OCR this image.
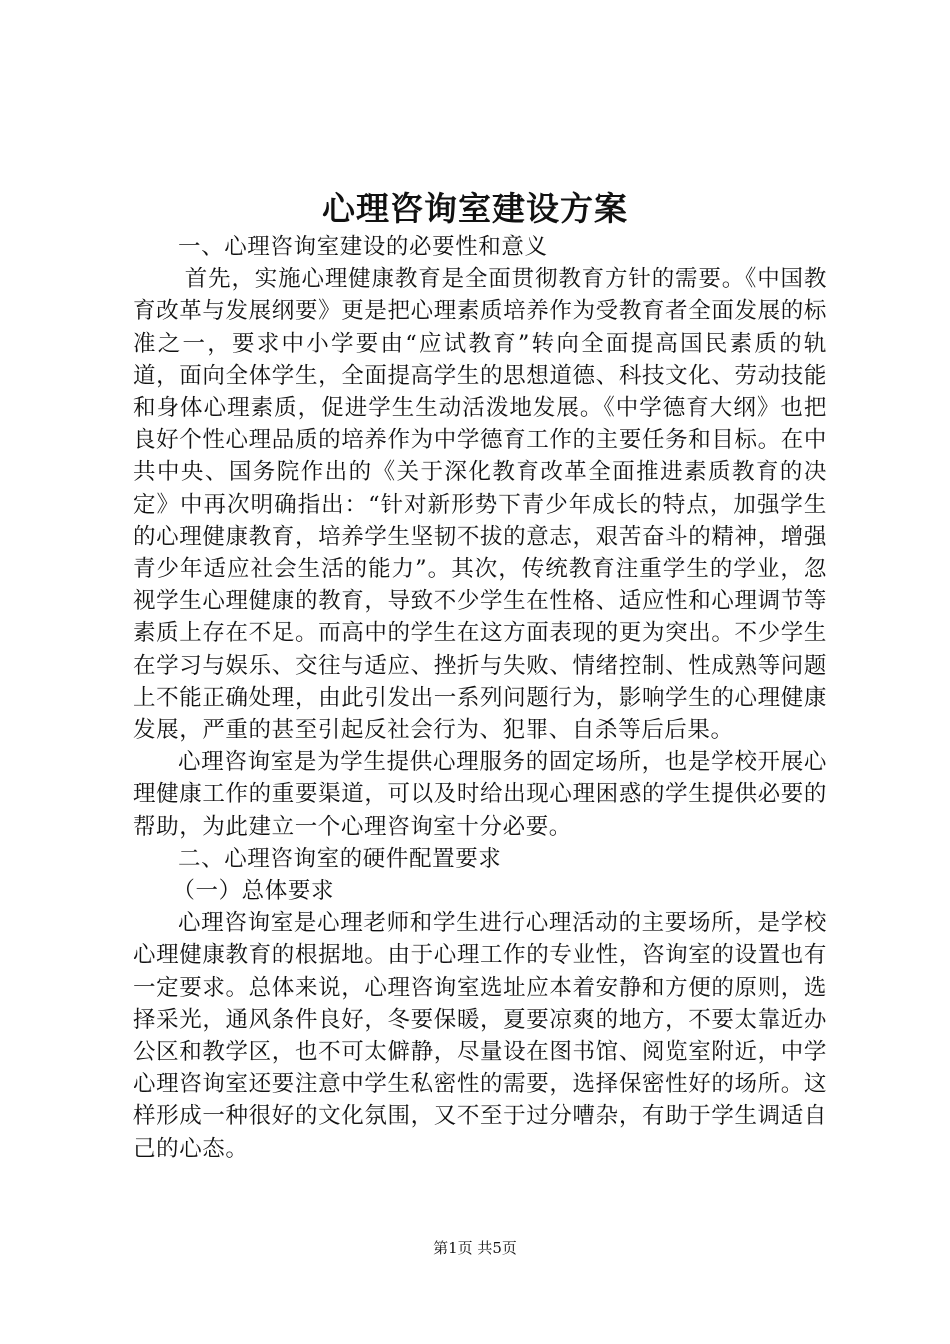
心理咨询室建设方案

一、心理咨询室建设的必要性和意义

首先，实施心理健康教育是全面贯彻教育方针的需要。《中国教育改革与发展纲要》更是把心理素质培养作为受教育者全面发展的标准之一，要求中小学要由“应试教育”转向全面提高国民素质的轨道，面向全体学生，全面提高学生的思想道德、科技文化、劳动技能和身体心理素质，促进学生生动活泼地发展。《中学德育大纲》也把良好个性心理品质的培养作为中学德育工作的主要任务和目标。在中共中央、国务院作出的《关于深化教育改革全面推进素质教育的决定》中再次明确指出：“针对新形势下青少年成长的特点，加强学生的心理健康教育，培养学生坚韧不拔的意志，艰苦奋斗的精神，增强青少年适应社会生活的能力”。其次，传统教育注重学生的学业，忽视学生心理健康的教育，导致不少学生在性格、适应性和心理调节等素质上存在不足。而高中的学生在这方面表现的更为突出。不少学生在学习与娱乐、交往与适应、挫折与失败、情绪控制、性成熟等问题上不能正确处理，由此引发出一系列问题行为，影响学生的心理健康发展，严重的甚至引起反社会行为、犯罪、自杀等后后果。

心理咨询室是为学生提供心理服务的固定场所，也是学校开展心理健康工作的重要渠道，可以及时给出现心理困惑的学生提供必要的帮助，为此建立一个心理咨询室十分必要。

二、心理咨询室的硬件配置要求

（一）总体要求

心理咨询室是心理老师和学生进行心理活动的主要场所，是学校心理健康教育的根据地。由于心理工作的专业性，咨询室的设置也有一定要求。总体来说，心理咨询室选址应本着安静和方便的原则，选择采光，通风条件良好，冬要保暖，夏要凉爽的地方，不要太靠近办公区和教学区，也不可太僻静，尽量设在图书馆、阅览室附近，中学心理咨询室还要注意中学生私密性的需要，选择保密性好的场所。这样形成一种很好的文化氛围，又不至于过分嘈杂，有助于学生调适自己的心态。

第1页 共5页
